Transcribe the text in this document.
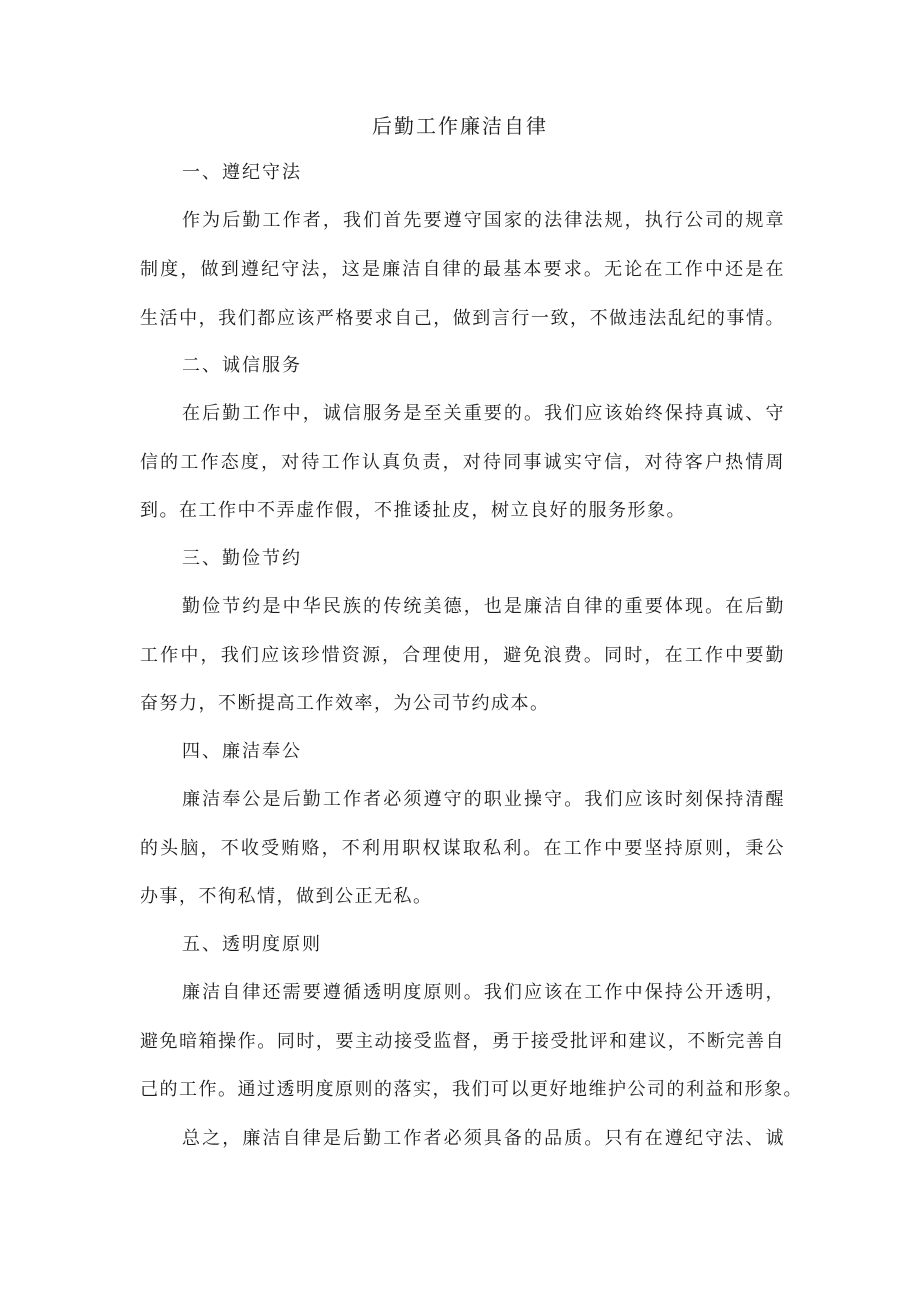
后勤工作廉洁自律
一、遵纪守法
作为后勤工作者，我们首先要遵守国家的法律法规，执行公司的规章
制度，做到遵纪守法，这是廉洁自律的最基本要求。无论在工作中还是在
生活中，我们都应该严格要求自己，做到言行一致，不做违法乱纪的事情。
二、诚信服务
在后勤工作中，诚信服务是至关重要的。我们应该始终保持真诚、守
信的工作态度，对待工作认真负责，对待同事诚实守信，对待客户热情周
到。在工作中不弄虚作假，不推诿扯皮，树立良好的服务形象。
三、勤俭节约
勤俭节约是中华民族的传统美德，也是廉洁自律的重要体现。在后勤
工作中，我们应该珍惜资源，合理使用，避免浪费。同时，在工作中要勤
奋努力，不断提高工作效率，为公司节约成本。
四、廉洁奉公
廉洁奉公是后勤工作者必须遵守的职业操守。我们应该时刻保持清醒
的头脑，不收受贿赂，不利用职权谋取私利。在工作中要坚持原则，秉公
办事，不徇私情，做到公正无私。
五、透明度原则
廉洁自律还需要遵循透明度原则。我们应该在工作中保持公开透明，
避免暗箱操作。同时，要主动接受监督，勇于接受批评和建议，不断完善自
己的工作。通过透明度原则的落实，我们可以更好地维护公司的利益和形象。
总之，廉洁自律是后勤工作者必须具备的品质。只有在遵纪守法、诚
